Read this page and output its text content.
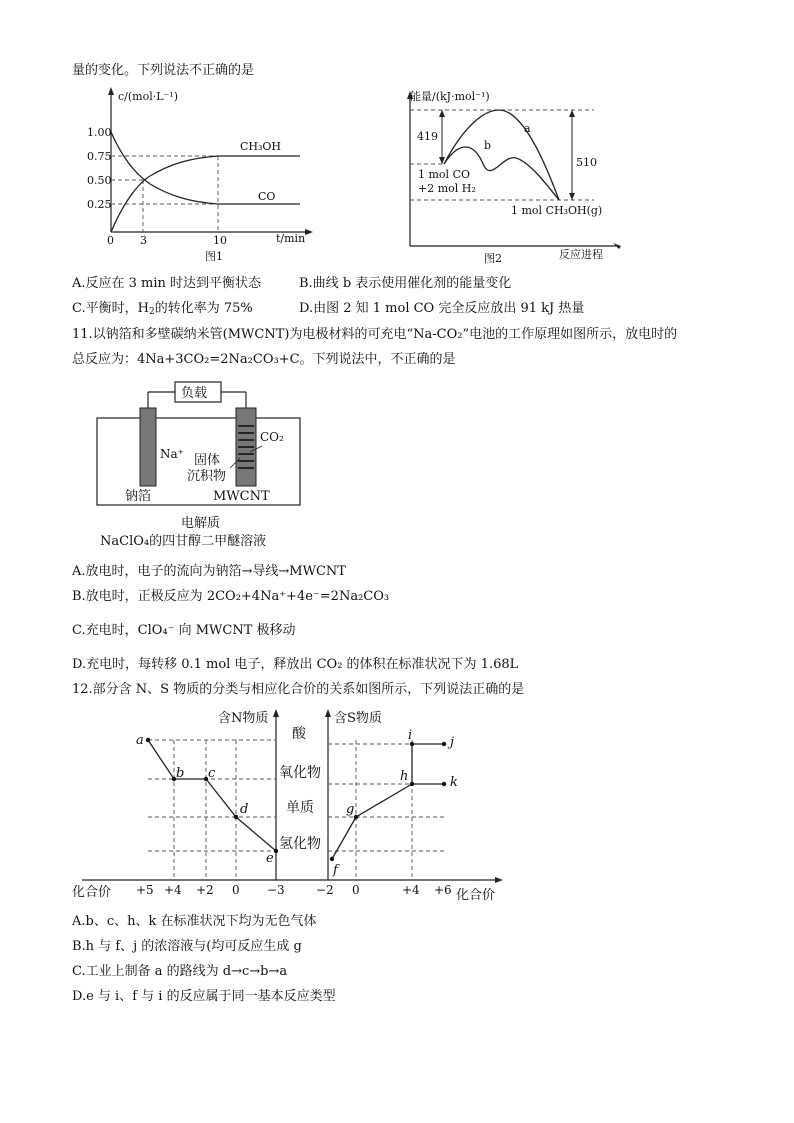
量的变化。下列说法不正确的是
c/(mol·L⁻¹)
t/min
1.00
0.75
0.50
0.25
0 3	10
CH₃OH
CO
图1
能量/(kJ·mol⁻¹)
反应进程
419
510
a
b
1 mol CO
+2 mol H₂
1 mol CH₃OH(g)
图2
A.反应在 3 min 时达到平衡状态	B.曲线 b 表示使用催化剂的能量变化
C.平衡时，$H_2$的转化率为 75%	D.由图 2 知 1 mol CO 完全反应放出 91 kJ 热量
11.以钠箔和多壁碳纳米管(MWCNT)为电极材料的可充电“Na-CO₂”电池的工作原理如图所示，放电时的
总反应为：4Na+3CO₂=2Na₂CO₃+C。下列说法中，不正确的是
负载
Na⁺
CO₂
固体
沉积物
钠箔	MWCNT
电解质
NaClO₄的四甘醇二甲醚溶液
A.放电时，电子的流向为钠箔→导线→MWCNT
B.放电时，正极反应为 2CO₂+4Na⁺+4e⁻=2Na₂CO₃
C.充电时，ClO₄⁻ 向 MWCNT 极移动
D.充电时，每转移 0.1 mol 电子，释放出 CO₂ 的体积在标准状况下为 1.68L
12.部分含 N、S 物质的分类与相应化合价的关系如图所示，下列说法正确的是
含N物质	含S物质
酸
氧化物
单质
氢化物
a
b c
d
e
f
g
h
i	j
k
+5 +4 +2 0 −3	−2 0	+4 +6
化合价	化合价
A.b、c、h、k 在标准状况下均为无色气体
B.h 与 f、j 的浓溶液与(均可反应生成 g
C.工业上制备 a 的路线为 d→c→b→a
D.e 与 i、f 与 i 的反应属于同一基本反应类型
